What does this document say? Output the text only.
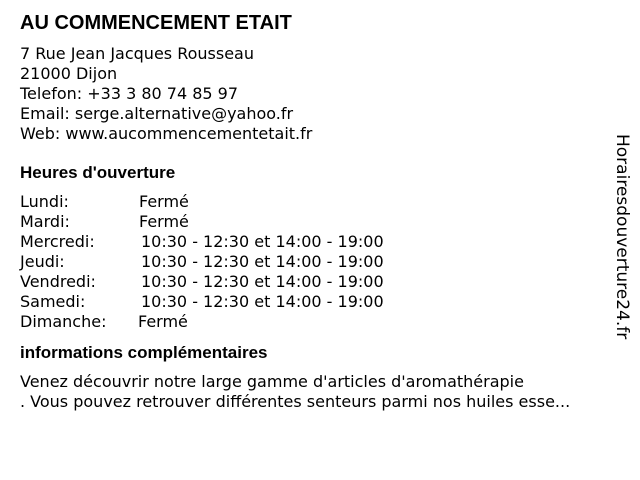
AU COMMENCEMENT ETAIT
7 Rue Jean Jacques Rousseau
21000 Dijon
Telefon: +33 3 80 74 85 97
Email: serge.alternative@yahoo.fr
Web: www.aucommencementetait.fr
Heures d'ouverture
Lundi:	Fermé
Mardi:	Fermé
Mercredi:	10:30 - 12:30 et 14:00 - 19:00
Jeudi:	10:30 - 12:30 et 14:00 - 19:00
Vendredi:	10:30 - 12:30 et 14:00 - 19:00
Samedi:	10:30 - 12:30 et 14:00 - 19:00
Dimanche: Fermé
informations complémentaires
Venez découvrir notre large gamme d'articles d'aromathérapie
. Vous pouvez retrouver différentes senteurs parmi nos huiles esse...
Horairesdouverture24.fr
